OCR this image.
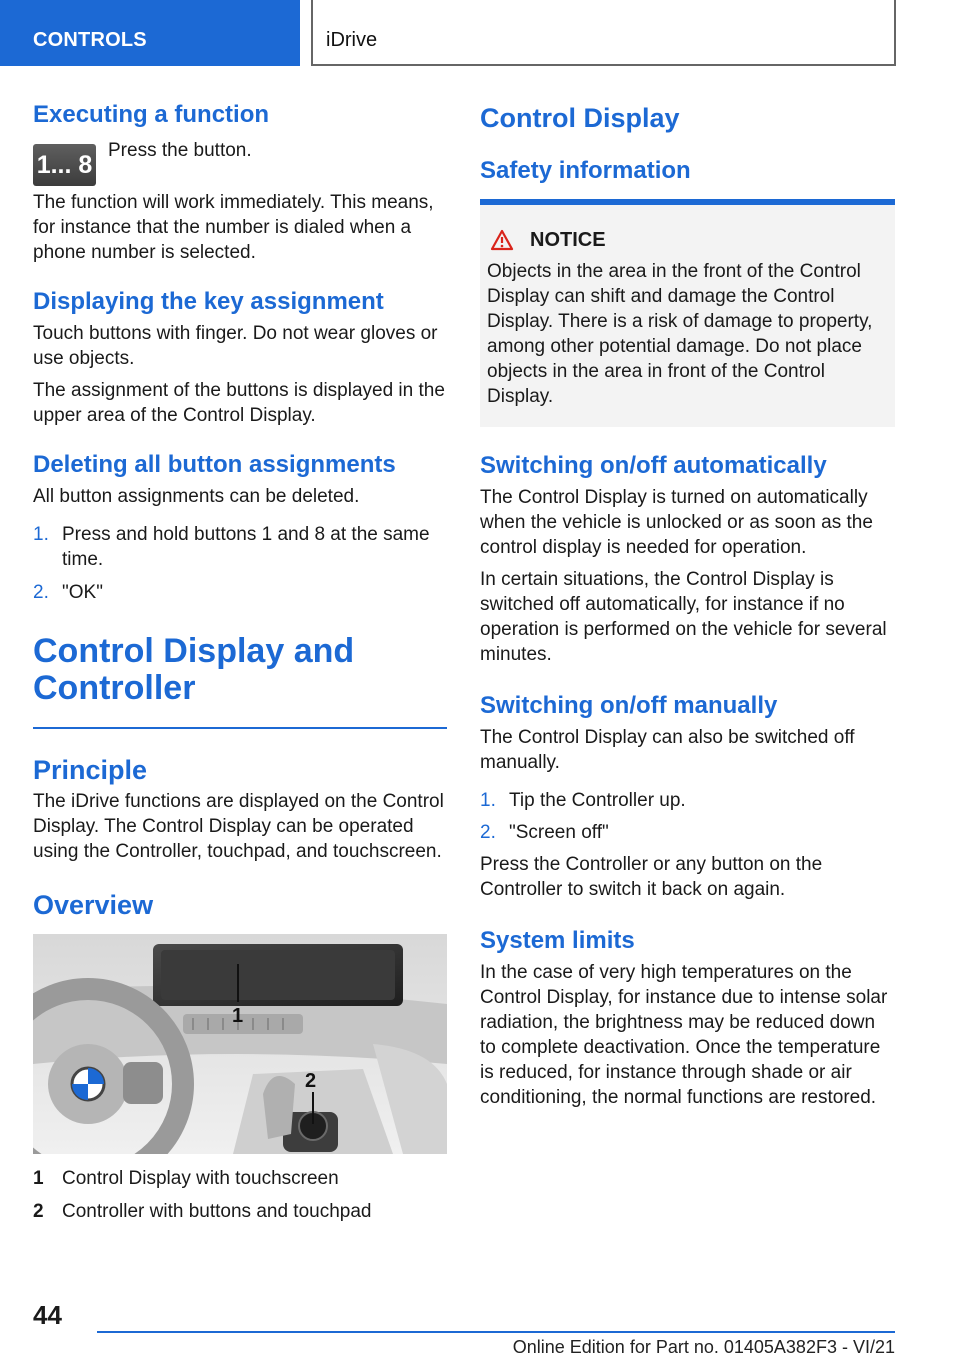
CONTROLS	iDrive
Executing a function
1... 8

Press the button.

The function will work immediately. This means, for instance that the number is dialed when a phone number is selected.

Displaying the key assignment

Touch buttons with finger. Do not wear gloves or use objects.

The assignment of the buttons is displayed in the upper area of the Control Display.

Deleting all button assignments

All button assignments can be deleted.

1. Press and hold buttons 1 and 8 at the same time.
2. "OK"
Control Display and
Controller
Principle

The iDrive functions are displayed on the Control Display. The Control Display can be operated using the Controller, touchpad, and touchscreen.

Overview
1
2
1 Control Display with touchscreen
2 Controller with buttons and touchpad
Control Display
Safety information
NOTICE

Objects in the area in the front of the Control Display can shift and damage the Control Display. There is a risk of damage to property, among other potential damage. Do not place objects in the area in front of the Control Display.

Switching on/off automatically

The Control Display is turned on automatically when the vehicle is unlocked or as soon as the control display is needed for operation.

In certain situations, the Control Display is switched off automatically, for instance if no operation is performed on the vehicle for several minutes.

Switching on/off manually

The Control Display can also be switched off manually.

1. Tip the Controller up.
2. "Screen off"

Press the Controller or any button on the Controller to switch it back on again.

System limits

In the case of very high temperatures on the Control Display, for instance due to intense solar radiation, the brightness may be reduced down to complete deactivation. Once the temperature is reduced, for instance through shade or air conditioning, the normal functions are restored.

44
Online Edition for Part no. 01405A382F3 - VI/21
